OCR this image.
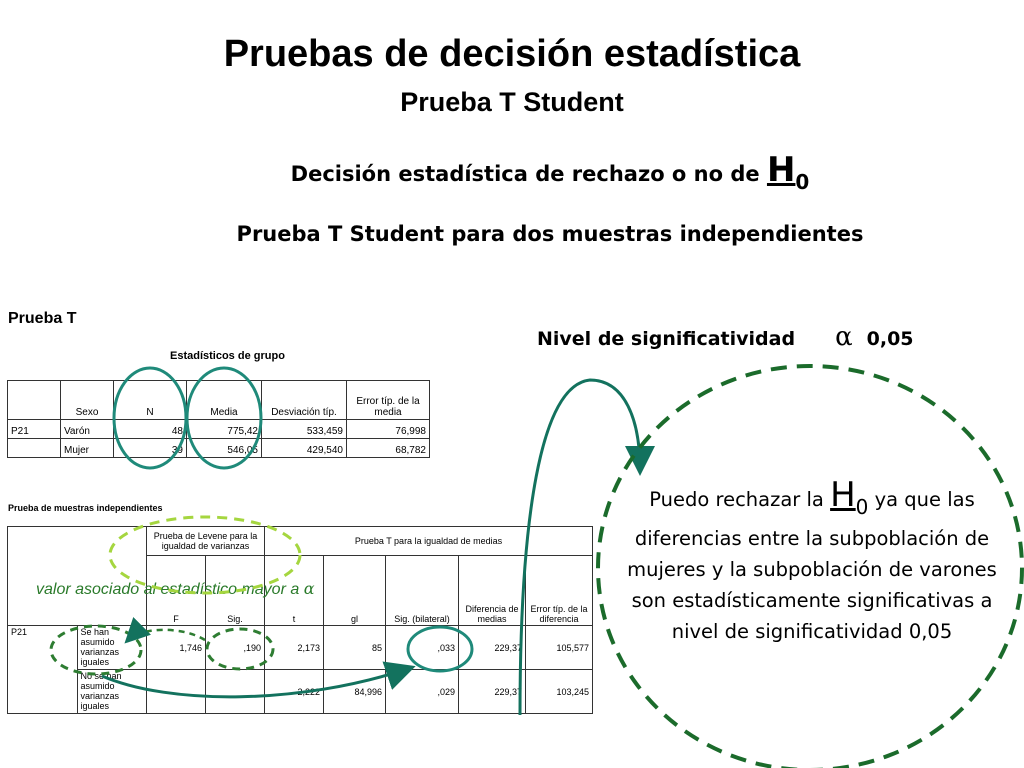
Pruebas de decisión estadística
Prueba T Student
Decisión estadística de rechazo o no de $H_0$
Prueba T Student para dos muestras independientes
Prueba T
Nivel de significatividad α 0,05
Estadísticos de grupo
	Sexo	N	Media	Desviación típ.	Error típ. de la media
P21	Varón	48	775,42	533,459	76,998
	Mujer	39	546,05	429,540	68,782
Prueba de muestras independientes
		Prueba de Levene para la igualdad de varianzas		Prueba T para la igualdad de medias				
		F	Sig.	t	gl	Sig. (bilateral)	Diferencia de medias	Error típ. de la diferencia
P21	Se han asumido varianzas iguales	1,746	,190	2,173	85	,033	229,37	105,577
	No se han asumido varianzas iguales			2,222	84,996	,029	229,37	103,245
valor asociado al estadístico mayor a α
Puedo rechazar la $H_0$ ya que las diferencias entre la subpoblación de mujeres y la subpoblación de varones son estadísticamente significativas a nivel de significatividad 0,05
